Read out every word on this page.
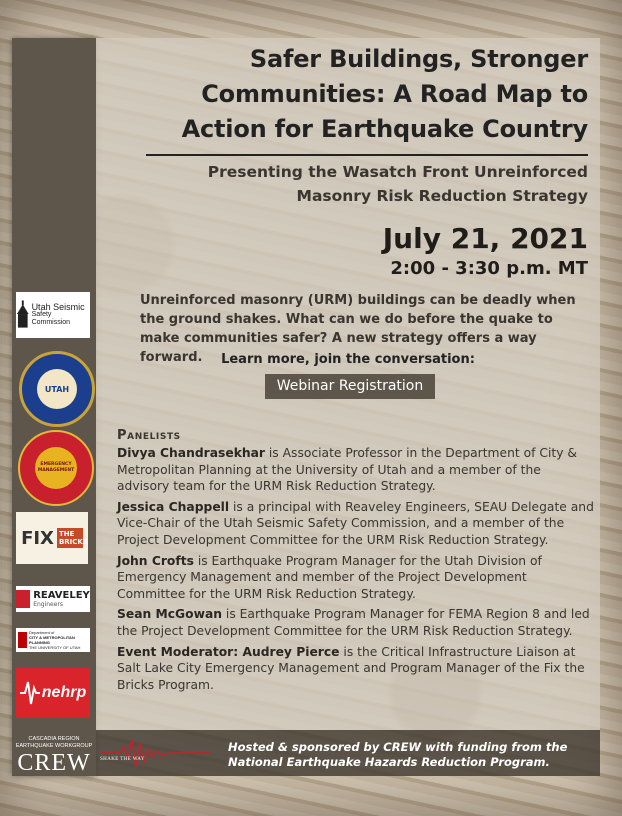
Utah Seismic
Safety Commission
UTAH
EMERGENCY MANAGEMENT
FIX THE BRICKS
REAVELEY
Engineers
Department of
CITY & METROPOLITAN PLANNING
THE UNIVERSITY OF UTAH
nehrp
Safer Buildings, Stronger
Communities: A Road Map to
Action for Earthquake Country
Presenting the Wasatch Front Unreinforced
Masonry Risk Reduction Strategy
July 21, 2021
2:00 - 3:30 p.m. MT
Unreinforced masonry (URM) buildings can be deadly when the ground shakes. What can we do before the quake to make communities safer? A new strategy offers a way forward.	Learn more, join the conversation:
Webinar Registration
Panelists

Divya Chandrasekhar is Associate Professor in the Department of City & Metropolitan Planning at the University of Utah and a member of the advisory team for the URM Risk Reduction Strategy.

Jessica Chappell is a principal with Reaveley Engineers, SEAU Delegate and Vice-Chair of the Utah Seismic Safety Commission, and a member of the Project Development Committee for the URM Risk Reduction Strategy.

John Crofts is Earthquake Program Manager for the Utah Division of Emergency Management and member of the Project Development Committee for the URM Risk Reduction Strategy.

Sean McGowan is Earthquake Program Manager for FEMA Region 8 and led the Project Development Committee for the URM Risk Reduction Strategy.

Event Moderator: Audrey Pierce is the Critical Infrastructure Liaison at Salt Lake City Emergency Management and Program Manager of the Fix the Bricks Program.

CASCADIA REGION EARTHQUAKE WORKGROUP
CREW	SHAKE THE WAY
Hosted & sponsored by CREW with funding from the National Earthquake Hazards Reduction Program.
